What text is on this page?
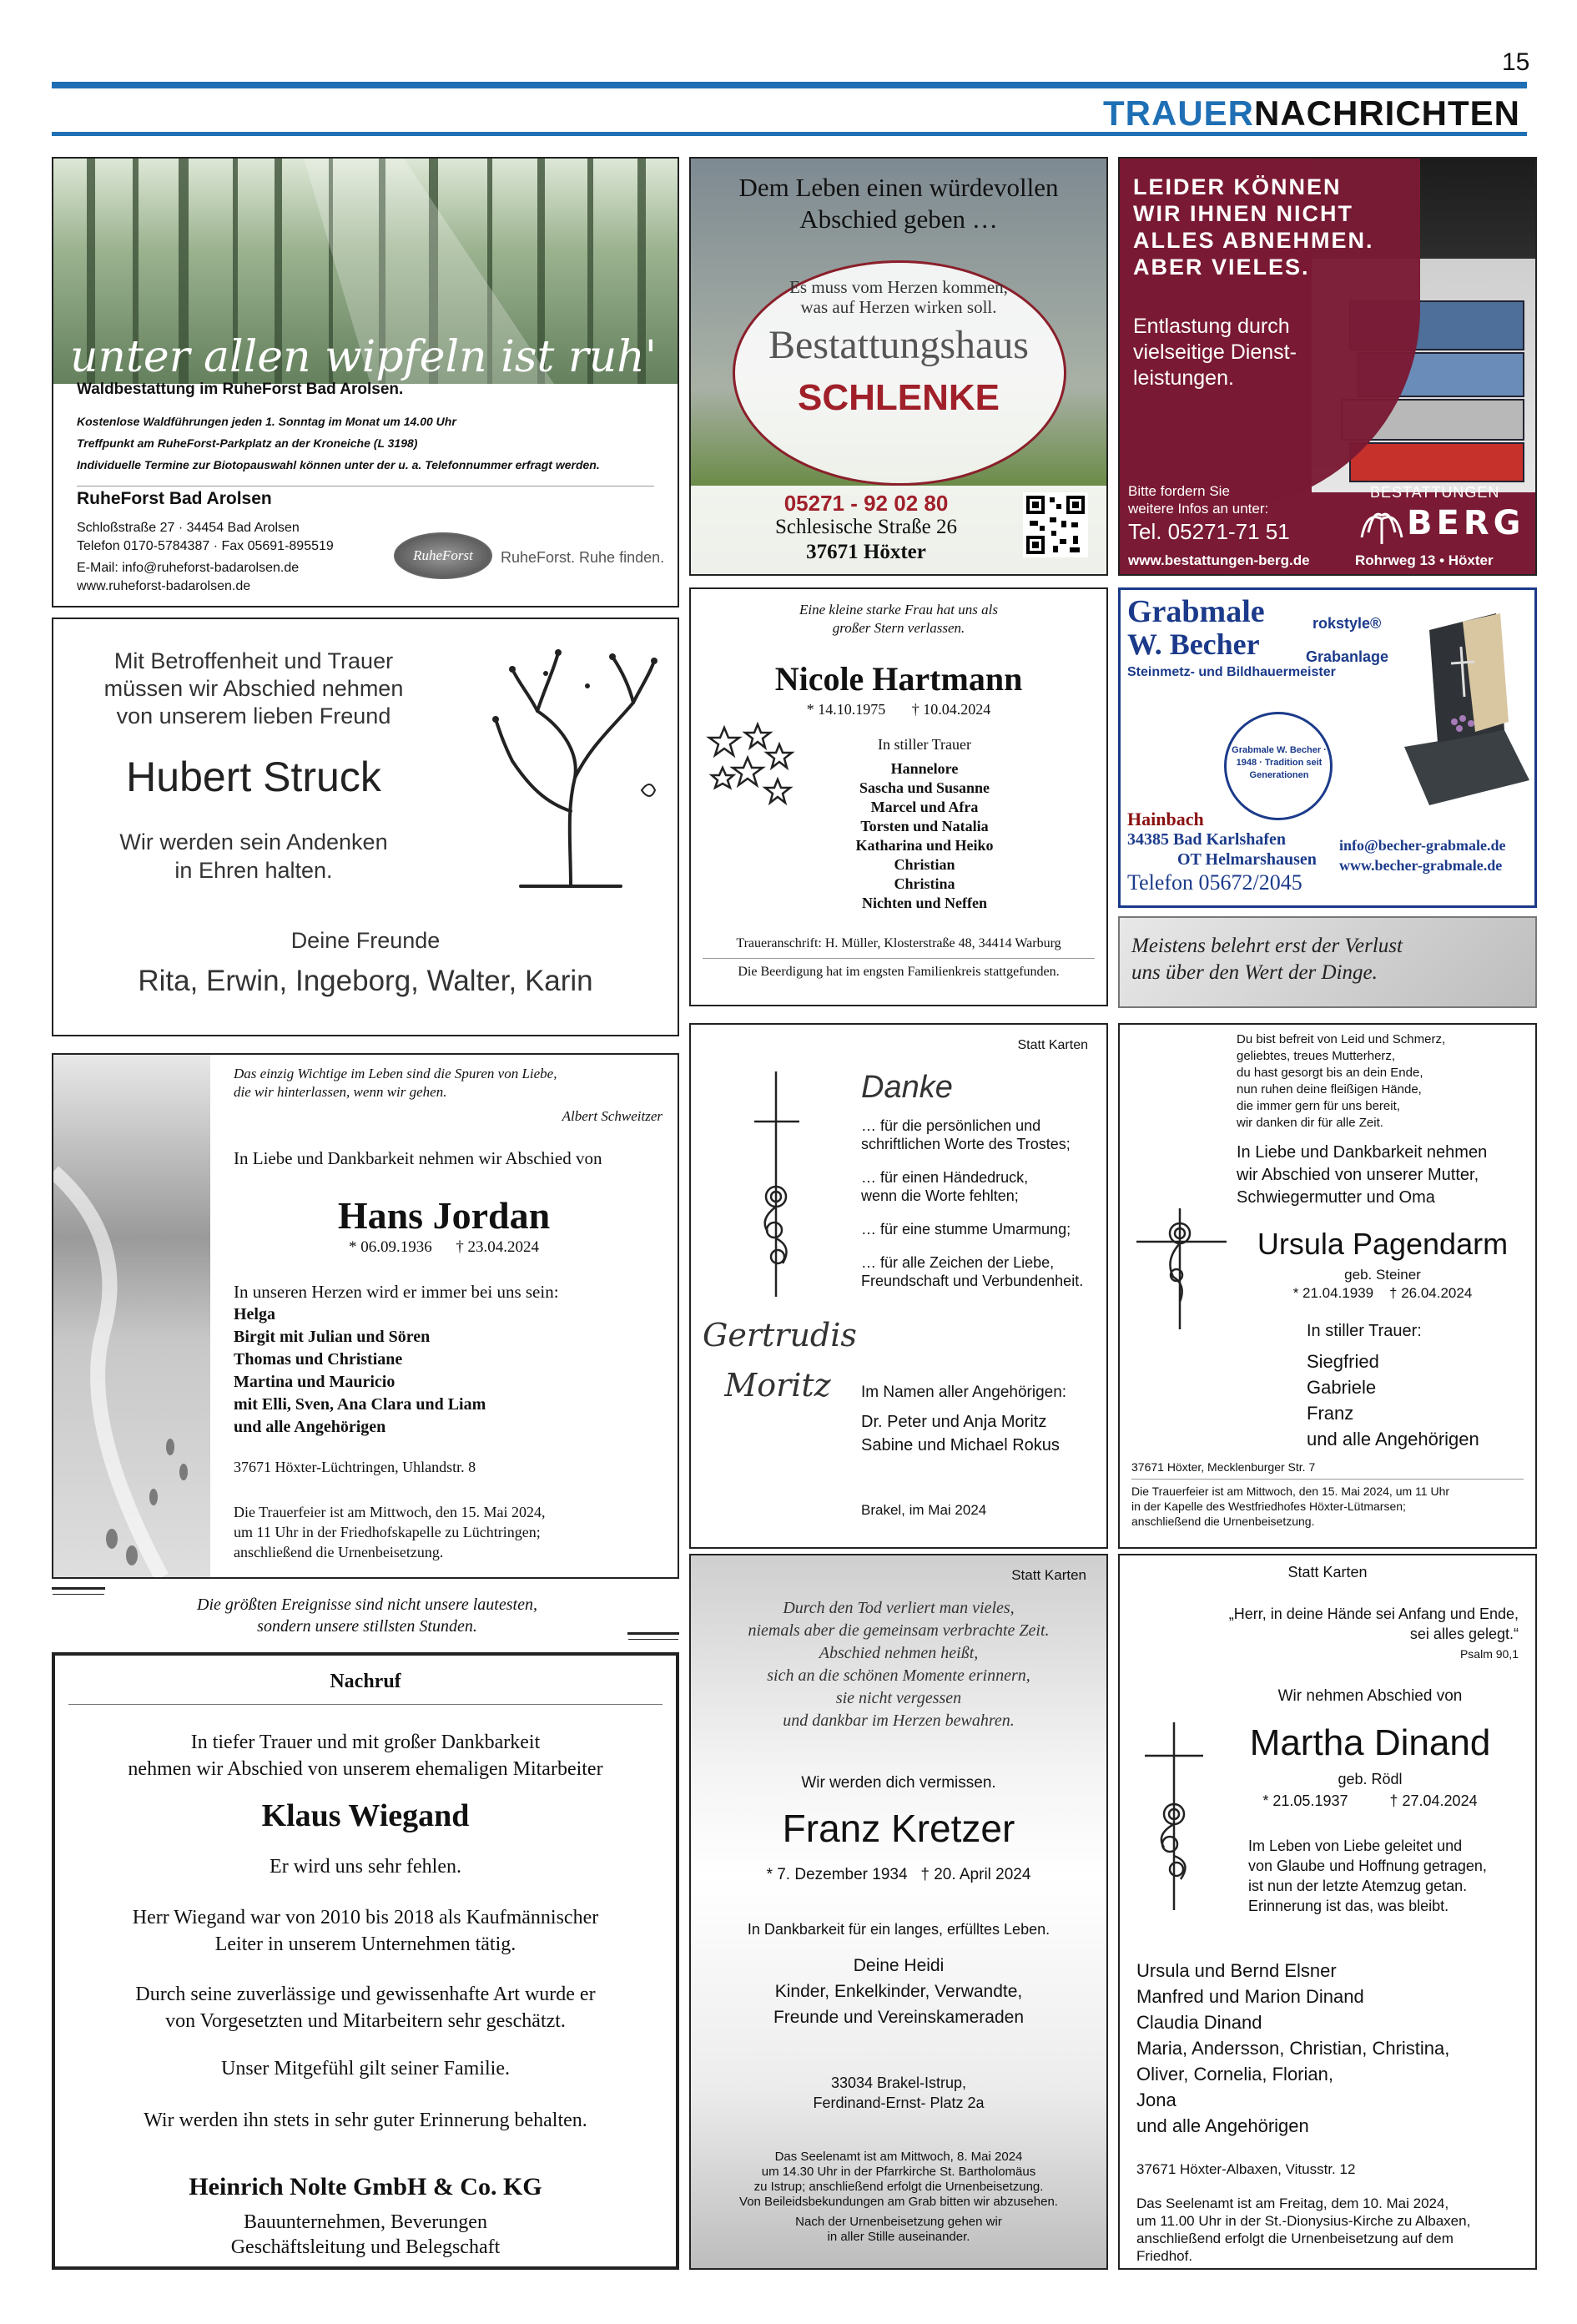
15
TRAUERNACHRICHTEN
unter allen wipfeln ist ruh'
Waldbestattung im RuheForst Bad Arolsen.
Kostenlose Waldführungen jeden 1. Sonntag im Monat um 14.00 Uhr
Treffpunkt am RuheForst-Parkplatz an der Kroneiche (L 3198)
Individuelle Termine zur Biotopauswahl können unter der u. a. Telefonnummer erfragt werden.
RuheForst Bad Arolsen
Schloßstraße 27 · 34454 Bad Arolsen
Telefon 0170-5784387 · Fax 05691-895519
E-Mail: info@ruheforst-badarolsen.de
www.ruheforst-badarolsen.de
RuheForst	RuheForst. Ruhe finden.
Dem Leben einen würdevollen
Abschied geben …
Es muss vom Herzen kommen,
was auf Herzen wirken soll.
Bestattungshaus
SCHLENKE
05271 - 92 02 80
Schlesische Straße 26
37671 Höxter
LEIDER KÖNNEN
WIR IHNEN NICHT
ALLES ABNEHMEN.
ABER VIELES.
Entlastung durch
vielseitige Dienst-
leistungen.
Bitte fordern Sie
weitere Infos an unter:
Tel. 05271-71 51
www.bestattungen-berg.de
BESTATTUNGEN
BERG
Rohrweg 13 • Höxter
Mit Betroffenheit und Trauer
müssen wir Abschied nehmen
von unserem lieben Freund
Hubert Struck
Wir werden sein Andenken
in Ehren halten.
Deine Freunde
Rita, Erwin, Ingeborg, Walter, Karin
Eine kleine starke Frau hat uns als
großer Stern verlassen.
Nicole Hartmann
* 14.10.1975       † 10.04.2024
In stiller Trauer
Hannelore
Sascha und Susanne
Marcel und Afra
Torsten und Natalia
Katharina und Heiko
Christian
Christina
Nichten und Neffen
Traueranschrift: H. Müller, Klosterstraße 48, 34414 Warburg
Die Beerdigung hat im engsten Familienkreis stattgefunden.
Grabmale
W. Becher
Steinmetz- und Bildhauermeister
rokstyle®
Grabanlage
Grabmale W. Becher · 1948 · Tradition seit Generationen
Hainbach
34385 Bad Karlshafen
OT Helmarshausen
Telefon 05672/2045
info@becher-grabmale.de
www.becher-grabmale.de
Meistens belehrt erst der Verlust
uns über den Wert der Dinge.
Das einzig Wichtige im Leben sind die Spuren von Liebe,
die wir hinterlassen, wenn wir gehen.
Albert Schweitzer
In Liebe und Dankbarkeit nehmen wir Abschied von
Hans Jordan
* 06.09.1936      † 23.04.2024
In unseren Herzen wird er immer bei uns sein:
Helga
Birgit mit Julian und Sören
Thomas und Christiane
Martina und Mauricio
mit Elli, Sven, Ana Clara und Liam
und alle Angehörigen
37671 Höxter-Lüchtringen, Uhlandstr. 8
Die Trauerfeier ist am Mittwoch, den 15. Mai 2024,
um 11 Uhr in der Friedhofskapelle zu Lüchtringen;
anschließend die Urnenbeisetzung.
Statt Karten
Danke
… für die persönlichen und
schriftlichen Worte des Trostes;
… für einen Händedruck,
wenn die Worte fehlten;
… für eine stumme Umarmung;
… für alle Zeichen der Liebe,
Freundschaft und Verbundenheit.
Gertrudis
Moritz	Im Namen aller Angehörigen:
Dr. Peter und Anja Moritz
Sabine und Michael Rokus
Brakel, im Mai 2024
Du bist befreit von Leid und Schmerz,
geliebtes, treues Mutterherz,
du hast gesorgt bis an dein Ende,
nun ruhen deine fleißigen Hände,
die immer gern für uns bereit,
wir danken dir für alle Zeit.
In Liebe und Dankbarkeit nehmen
wir Abschied von unserer Mutter,
Schwiegermutter und Oma
Ursula Pagendarm
geb. Steiner
* 21.04.1939    † 26.04.2024
In stiller Trauer:
Siegfried
Gabriele
Franz
und alle Angehörigen
37671 Höxter, Mecklenburger Str. 7
Die Trauerfeier ist am Mittwoch, den 15. Mai 2024, um 11 Uhr
in der Kapelle des Westfriedhofes Höxter-Lütmarsen;
anschließend die Urnenbeisetzung.
Die größten Ereignisse sind nicht unsere lautesten,
sondern unsere stillsten Stunden.
Nachruf
In tiefer Trauer und mit großer Dankbarkeit
nehmen wir Abschied von unserem ehemaligen Mitarbeiter
Klaus Wiegand
Er wird uns sehr fehlen.
Herr Wiegand war von 2010 bis 2018 als Kaufmännischer
Leiter in unserem Unternehmen tätig.
Durch seine zuverlässige und gewissenhafte Art wurde er
von Vorgesetzten und Mitarbeitern sehr geschätzt.
Unser Mitgefühl gilt seiner Familie.
Wir werden ihn stets in sehr guter Erinnerung behalten.
Heinrich Nolte GmbH & Co. KG
Bauunternehmen, Beverungen
Geschäftsleitung und Belegschaft
Statt Karten
Durch den Tod verliert man vieles,
niemals aber die gemeinsam verbrachte Zeit.
Abschied nehmen heißt,
sich an die schönen Momente erinnern,
sie nicht vergessen
und dankbar im Herzen bewahren.
Wir werden dich vermissen.
Franz Kretzer
* 7. Dezember 1934   † 20. April 2024
In Dankbarkeit für ein langes, erfülltes Leben.
Deine Heidi
Kinder, Enkelkinder, Verwandte,
Freunde und Vereinskameraden
33034 Brakel-Istrup,
Ferdinand-Ernst- Platz 2a
Das Seelenamt ist am Mittwoch, 8. Mai 2024
um 14.30 Uhr in der Pfarrkirche St. Bartholomäus
zu Istrup; anschließend erfolgt die Urnenbeisetzung.
Von Beileidsbekundungen am Grab bitten wir abzusehen.
Nach der Urnenbeisetzung gehen wir
in aller Stille auseinander.
Statt Karten
„Herr, in deine Hände sei Anfang und Ende,
sei alles gelegt.“
Psalm 90,1
Wir nehmen Abschied von
Martha Dinand
geb. Rödl
* 21.05.1937          † 27.04.2024
Im Leben von Liebe geleitet und
von Glaube und Hoffnung getragen,
ist nun der letzte Atemzug getan.
Erinnerung ist das, was bleibt.
Ursula und Bernd Elsner
Manfred und Marion Dinand
Claudia Dinand
Maria, Andersson, Christian, Christina,
Oliver, Cornelia, Florian,
Jona
und alle Angehörigen
37671 Höxter-Albaxen, Vitusstr. 12
Das Seelenamt ist am Freitag, dem 10. Mai 2024,
um 11.00 Uhr in der St.-Dionysius-Kirche zu Albaxen,
anschließend erfolgt die Urnenbeisetzung auf dem
Friedhof.
